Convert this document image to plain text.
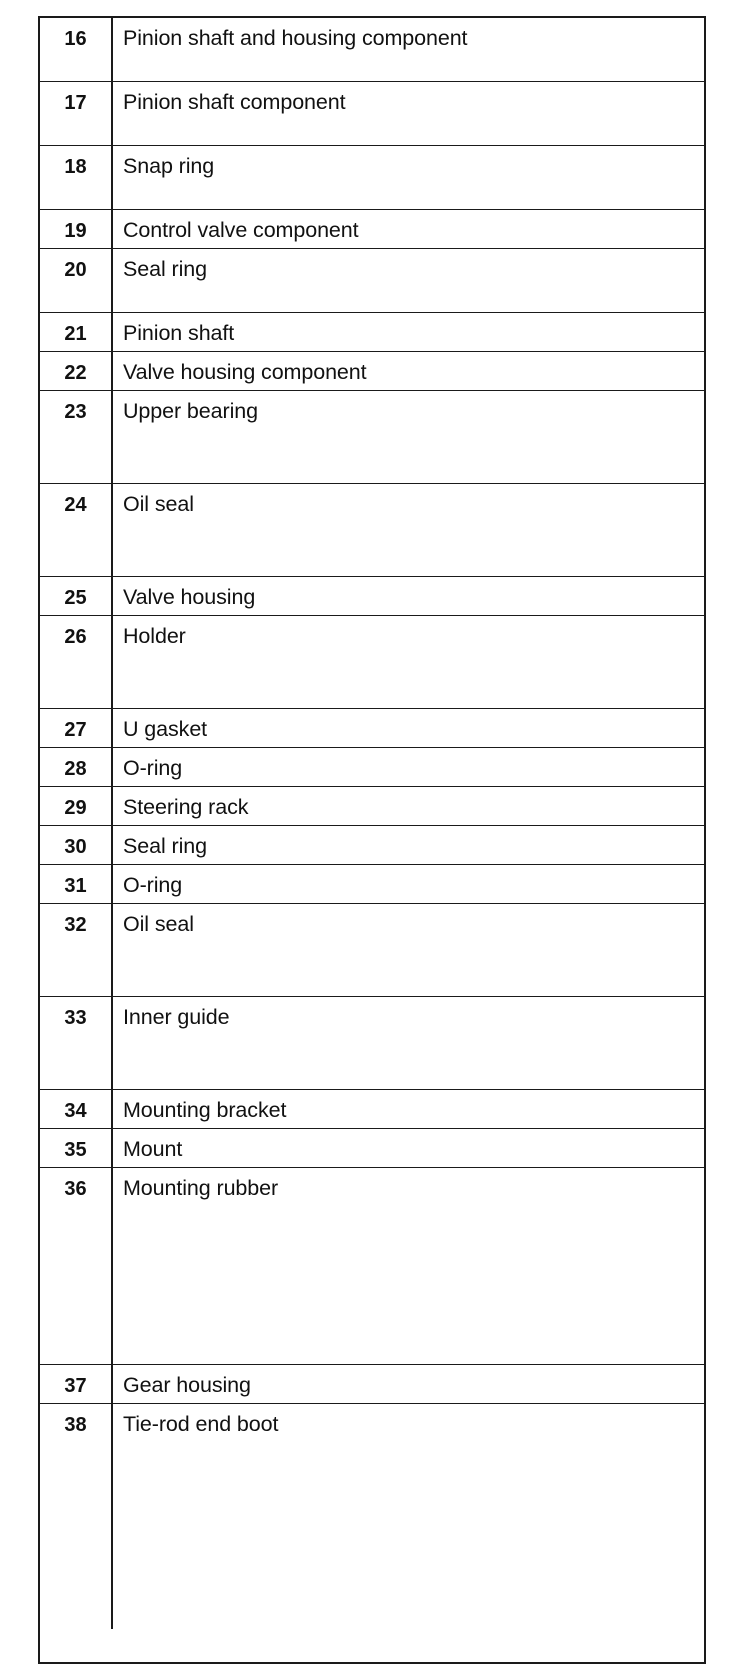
16	Pinion shaft and housing component
17	Pinion shaft component
18	Snap ring
19	Control valve component
20	Seal ring
21	Pinion shaft
22	Valve housing component
23	Upper bearing
24	Oil seal
25	Valve housing
26	Holder
27	U gasket
28	O-ring
29	Steering rack
30	Seal ring
31	O-ring
32	Oil seal
33	Inner guide
34	Mounting bracket
35	Mount
36	Mounting rubber
37	Gear housing
38	Tie-rod end boot
